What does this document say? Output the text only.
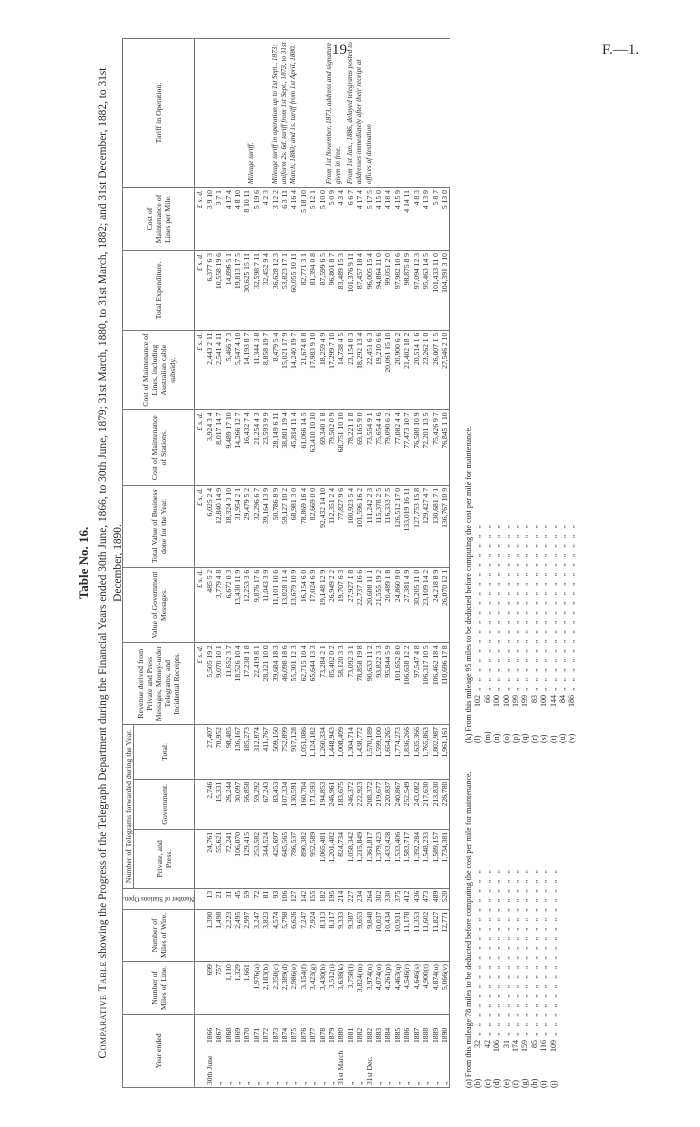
19	F.—1.
Table No. 16.
Comparative Table showing the Progress of the Telegraph Department during the Financial Years ended 30th June, 1866, to 30th June, 1879; 31st March, 1880, to 31st March, 1882; and 31st December, 1882, to 31st December, 1890.
Year ended	Number of Miles of Line.	Number of Miles of Wire.	Number of Stations Open.	Number of Telegrams forwarded during the Year.			Revenue derived from Private and Press Messages, Money-order Telegrams, and Incidental Receipts.	Value of Government Messages.	Total Value of Business done for the Year.	Cost of Maintenance of Stations.	Cost of Maintenance of Lines, including Australian cable subsidy.	Total Expenditure.	Cost of Maintenance of Lines per Mile.	Tariff in Operation.
				Private, and Press.	Government.	Total.								
							£ s. d.	£ s. d.	£ s. d.	£ s. d.	£ s. d.	£ s. d.	£ s. d.	Mileage tariff. Mileage tariff in operation up to 1st Sept., 1873; uniform 2s. 6d. tariff from 1st Sept., 1873, to 31st March, 1880; and 1s. tariff from 1st April, 1880. From 1st November, 1873, address and signature given in free. From 1st Jan., 1886, delayed telegrams posted to addresses immediately after their receipt at offices of destination

30th June1866	699	1,390	13	24,761	2,746	27,407	5,505 19 2	485 5 2	6,025 2 4	3,924 3 4	2,443 2 11	6,377 6 3	3 9 10	
„1867	757	1,498	21	55,621	15,331	70,952	9,070 10 1	3,779 4 8	12,840 14 9	8,017 14 7	2,541 4 11	10,558 19 6	3 7 1	
„1868	1,110	2,223	31	72,241	26,244	98,485	11,652 3 7	6,672 0 3	18,324 3 10	9,489 17 10	5,466 7 3	14,896 5 1	4 17 4	
„1869	1,329	2,495	45	106,070	30,097	136,167	18,526 10 4	13,430 11 9	31,954 2 1	14,266 12 7	5,547 4 10	19,813 17 5	4 8 10	
„1870	1,661	2,997	59	129,415	56,858	185,273	17,238 1 8	12,253 3 6	29,479 5 2	16,432 7 4	14,193 8 7	30,625 15 11	8 10 11	
„1871	1,976(a)	3,247	72	253,582	59,292	312,874	22,419 8 1	9,876 17 6	32,296 6 7	21,254 4 3	11,344 3 8	32,598 7 11	5 19 6	
„1872	2,183(b)	3,823	81	344,524	67,243	411,767	28,121 10 0	11,043 3 9	39,164 13 9	23,593 9 9	8,858 19 7	32,452 9 4	4 2 3	
„1873	2,350(c)	4,574	93	425,697	83,453	509,150	39,684 18 3	11,101 10 6	50,786 8 9	28,149 6 11	8,479 5 4	36,628 12 3	3 12 2	
„1874	2,389(d)	5,798	106	645,565	107,334	752,899	46,098 18 6	13,028 11 4	59,127 10 2	38,801 19 4	15,021 17 9	53,823 17 1	6 3 11	
„1875	2,986(e)	6,626	127	786,537	130,591	917,128	55,301 12 3	13,679 10 9	68,981 3 0	45,814 11 4	14,240 19 7	60,055 10 11	4 16 4	
„1876	3,154(f)	7,247	142	890,382	160,704	1,051,086	62,715 10 4	16,154 6 0	78,869 16 4	61,066 14 5	21,674 8 8	82,771 3 1	5 18 10	
„1877	3,423(g)	7,924	155	952,589	171,593	1,124,182	65,644 13 3	17,024 6 9	82,669 0 0	63,410 10 10	17,983 9 10	81,394 0 8	5 12 1	
„1878	3,430(h)	8,113	182	1,065,481	194,853	1,260,334	73,284 2 1	19,148 12 9	92,432 14 10	69,340 1 8	18,259 4 9	87,599 6 5	5 10 0	
„1879	3,512(i)	8,117	195	1,201,482	246,961	1,448,943	85,402 0 2	26,949 2 2	112,351 2 4	79,502 0 9	17,299 7 10	96,801 8 7	5 0 9	
31st March1880	3,638(k)	9,333	214	824,734	183,675	1,008,409	58,120 3 3	19,707 6 3	77,827 9 6	68,751 10 10	14,738 4 5	83,489 15 3	4 3 4	
„1881	3,758(l)	9,387	227	1,058,342	246,372	1,304,714	73,092 3 1	27,927 1 8	100,923 5 4	78,221 1 8	23,154 8 3	101,376 9 11	6 6 7	
„1882	3,824(m)	9,653	234	1,215,849	222,923	1,438,772	78,858 19 8	22,737 16 6	101,596 16 2	69,165 9 0	18,292 13 4	87,457 18 4	4 17 4	
31st Dec.1882	3,974(n)	9,848	264	1,361,817	208,372	1,570,189	90,633 11 2	20,608 11 1	111,242 2 3	73,554 9 1	22,451 6 3	96,005 15 4	5 17 5	
„1883	4,074(o)	10,037	302	1,379,423	219,677	1,599,100	93,822 3 3	21,555 19 2	115,378 2 5	75,654 4 6	19,210 6 6	94,864 11 0	4 15 0	
„1884	4,261(p)	10,434	330	1,433,428	220,837	1,654,265	95,844 5 9	20,489 1 8	116,333 7 5	79,090 6 2	20,061 15 10	99,051 2 0	4 18 4	
„1885	4,463(q)	10,931	375	1,533,406	240,867	1,774,273	101,652 8 0	24,860 9 0	126,512 17 0	77,082 4 4	20,900 6 2	97,982 10 6	4 15 9	
„1886	4,546(r)	11,178	412	1,583,717	252,549	1,836,266	106,638 12 2	27,381 4 9	133,019 16 11	77,473 10 7	21,402 18 2	98,875 8 9	4 14 11	
„1887	4,646(s)	11,353	436	1,392,284	243,082	1,635,366	97,547 4 8	30,205 11 0	127,753 15 8	76,580 10 9	20,514 1 6	97,094 12 3	4 8 3	
„1888	4,900(t)	11,602	473	1,548,233	217,630	1,765,863	106,317 10 5	23,109 14 2	129,427 4 7	72,201 13 5	23,262 1 0	95,463 14 5	4 13 9	
„1889	4,874(u)	11,827	489	1,589,157	213,830	1,802,987	106,462 18 4	24,218 8 9	130,681 7 1	75,426 9 7	26,007 1 5	101,433 11 0	5 8 7	
„1890	5,066(v)	12,771	520	1,734,381	226,780	1,961,161	110,696 17 8	26,070 12 1	136,767 10 9	76,845 1 10	27,546 2 10	104,391 3 10	5 13 0	
(a) From this mileage 78 miles to be deducted before computing the cost per mile for maintenance.
(k) From this mileage 95 miles to be deducted before computing the cost per mile for maintenance.
(b)
32
„ „ „ „ „ „ „ „ „ „ „ „ „ „ „ „ „ „
(c)
42
„ „ „ „ „ „ „ „ „ „ „ „ „ „ „ „ „ „
(d)
106
„ „ „ „ „ „ „ „ „ „ „ „ „ „ „ „ „ „
(e)
31
„ „ „ „ „ „ „ „ „ „ „ „ „ „ „ „ „ „
(f)
174
„ „ „ „ „ „ „ „ „ „ „ „ „ „ „ „ „ „
(g)
159
„ „ „ „ „ „ „ „ „ „ „ „ „ „ „ „ „ „
(h)
85
„ „ „ „ „ „ „ „ „ „ „ „ „ „ „ „ „ „
(i)
116
„ „ „ „ „ „ „ „ „ „ „ „ „ „ „ „ „ „
(j)
109
„ „ „ „ „ „ „ „ „ „ „ „ „ „ „ „ „ „
(l)
102
„ „ „ „ „ „ „ „ „ „ „ „ „ „ „ „ „ „
(m)
66
„ „ „ „ „ „ „ „ „ „ „ „ „ „ „ „ „ „
(n)
100
„ „ „ „ „ „ „ „ „ „ „ „ „ „ „ „ „ „
(o)
100
„ „ „ „ „ „ „ „ „ „ „ „ „ „ „ „ „ „
(p)
199
„ „ „ „ „ „ „ „ „ „ „ „ „ „ „ „ „ „
(q)
199
„ „ „ „ „ „ „ „ „ „ „ „ „ „ „ „ „ „
(r)
83
„ „ „ „ „ „ „ „ „ „ „ „ „ „ „ „ „ „
(s)
100
„ „ „ „ „ „ „ „ „ „ „ „ „ „ „ „ „ „
(t)
144
„ „ „ „ „ „ „ „ „ „ „ „ „ „ „ „ „ „
(u)
84
„ „ „ „ „ „ „ „ „ „ „ „ „ „ „ „ „ „
(v)
186
„ „ „ „ „ „ „ „ „ „ „ „ „ „ „ „ „ „
